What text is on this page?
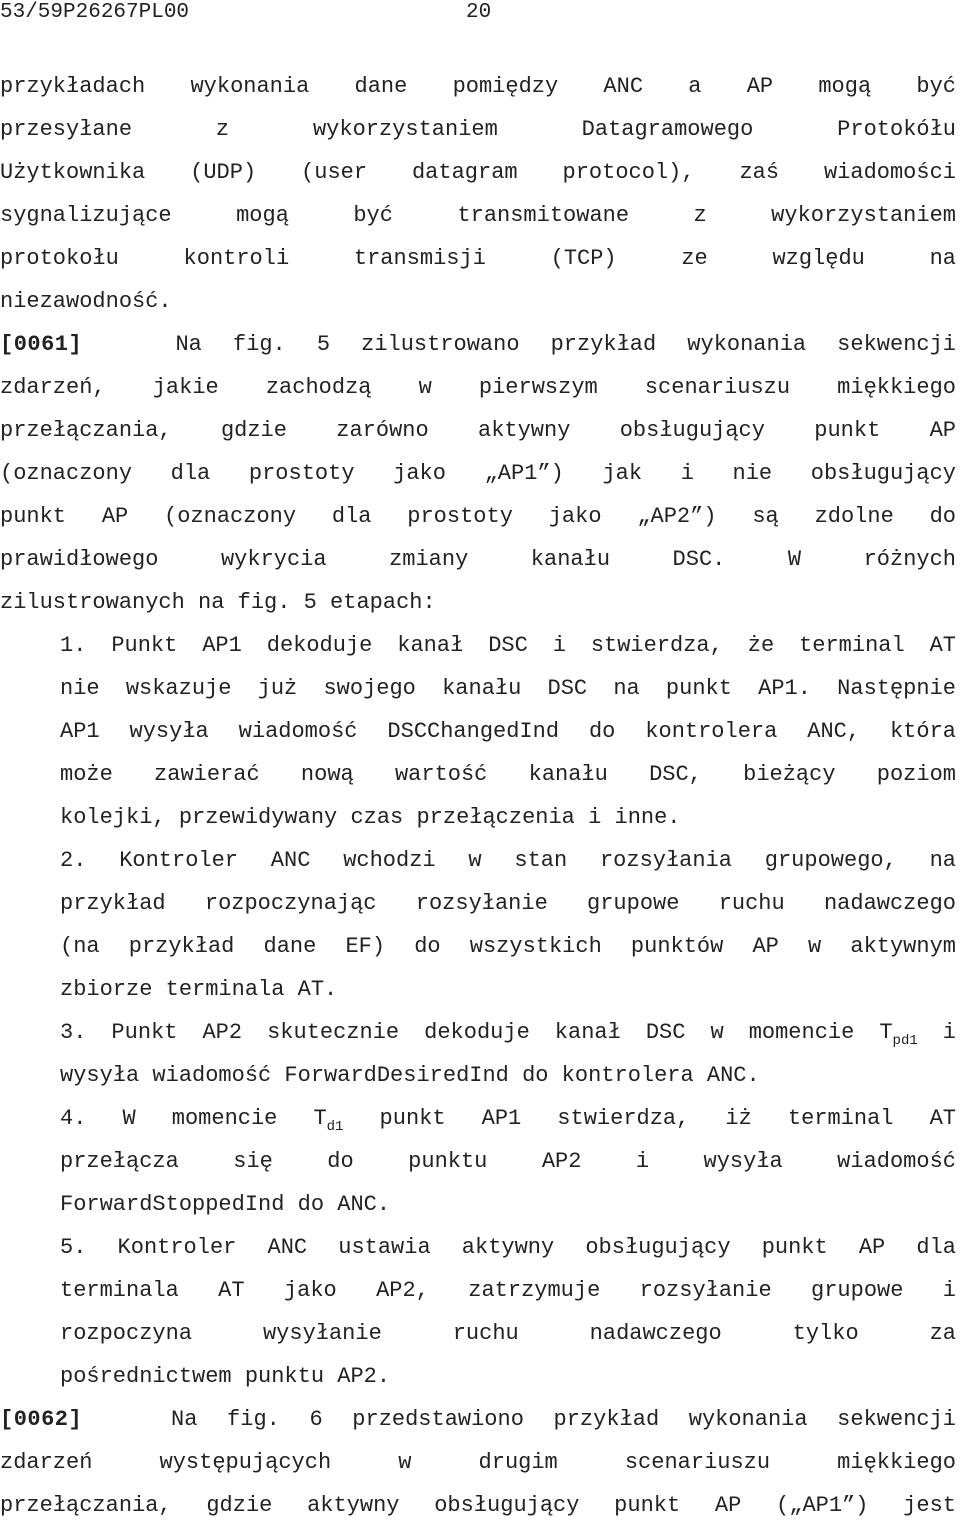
53/59P26267PL00	20
przykładach wykonania dane pomiędzy ANC a AP mogą być
przesyłane z wykorzystaniem Datagramowego Protokółu
Użytkownika (UDP) (user datagram protocol), zaś wiadomości
sygnalizujące mogą być transmitowane z wykorzystaniem
protokołu kontroli transmisji (TCP) ze względu na
niezawodność.
[0061]	Na fig. 5 zilustrowano przykład wykonania sekwencji
zdarzeń, jakie zachodzą w pierwszym scenariuszu miękkiego
przełączania, gdzie zarówno aktywny obsługujący punkt AP
(oznaczony dla prostoty jako „AP1”) jak i nie obsługujący
punkt AP (oznaczony dla prostoty jako „AP2”) są zdolne do
prawidłowego wykrycia zmiany kanału DSC. W różnych
zilustrowanych na fig. 5 etapach:
1. Punkt AP1 dekoduje kanał DSC i stwierdza, że terminal AT
nie wskazuje już swojego kanału DSC na punkt AP1. Następnie
AP1 wysyła wiadomość DSCChangedInd do kontrolera ANC, która
może zawierać nową wartość kanału DSC, bieżący poziom
kolejki, przewidywany czas przełączenia i inne.
2. Kontroler ANC wchodzi w stan rozsyłania grupowego, na
przykład rozpoczynając rozsyłanie grupowe ruchu nadawczego
(na przykład dane EF) do wszystkich punktów AP w aktywnym
zbiorze terminala AT.
3. Punkt AP2 skutecznie dekoduje kanał DSC w momencie $T_{pd1}$ i
wysyła wiadomość ForwardDesiredInd do kontrolera ANC.
4. W momencie $T_{d1}$ punkt AP1 stwierdza, iż terminal AT
przełącza się do punktu AP2 i wysyła wiadomość
ForwardStoppedInd do ANC.
5. Kontroler ANC ustawia aktywny obsługujący punkt AP dla
terminala AT jako AP2, zatrzymuje rozsyłanie grupowe i
rozpoczyna wysyłanie ruchu nadawczego tylko za
pośrednictwem punktu AP2.
[0062]	Na fig. 6 przedstawiono przykład wykonania sekwencji
zdarzeń występujących w drugim scenariuszu miękkiego
przełączania, gdzie aktywny obsługujący punkt AP („AP1”) jest
